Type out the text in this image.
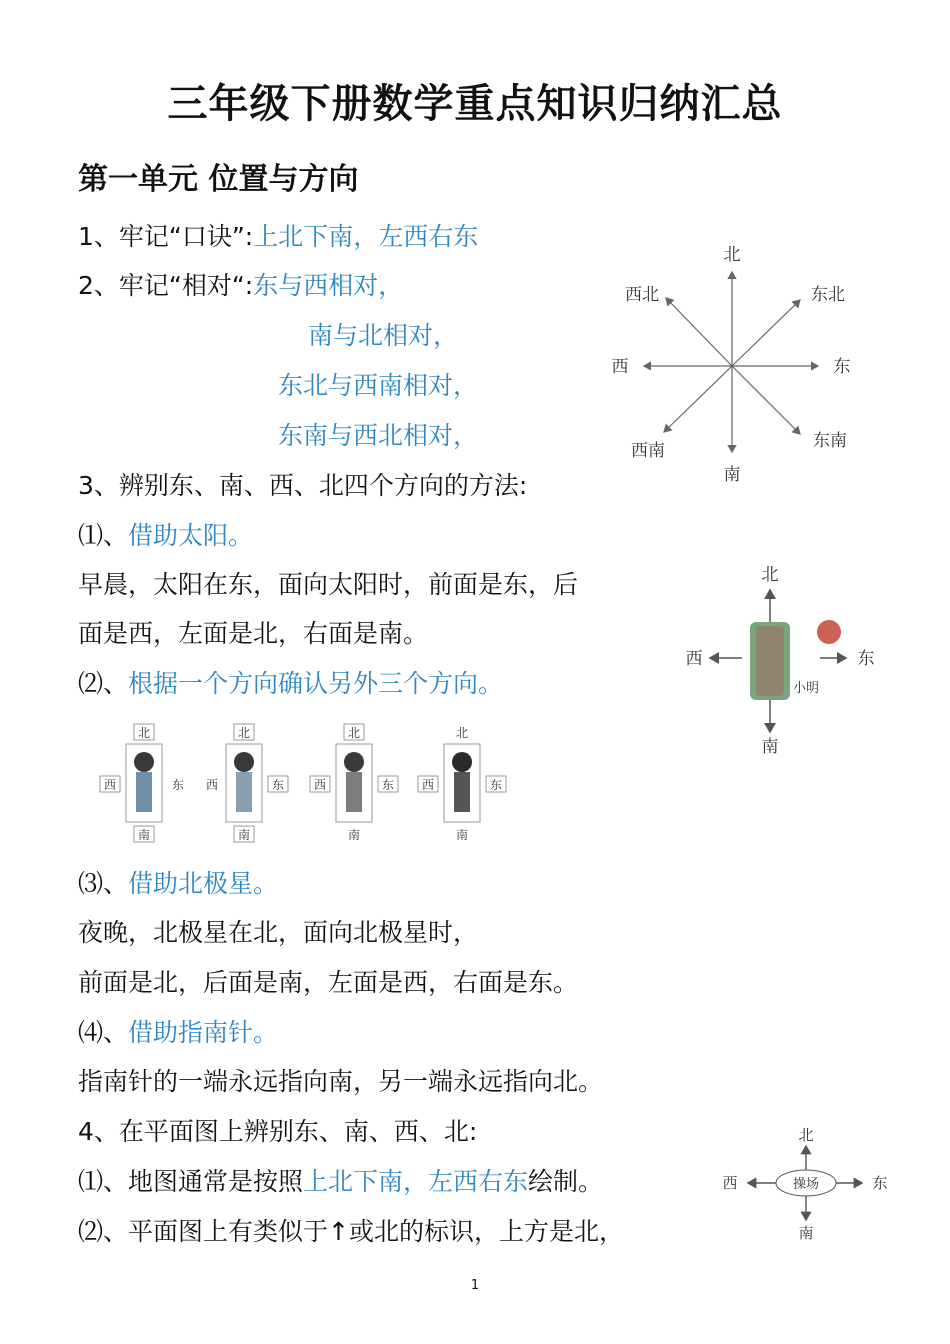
三年级下册数学重点知识归纳汇总
第一单元 位置与方向
1、牢记“口诀”:上北下南，左西右东
2、牢记“相对“:东与西相对，
南与北相对，
东北与西南相对，
东南与西北相对，
3、辨别东、南、西、北四个方向的方法:
⑴、借助太阳。
早晨，太阳在东，面向太阳时，前面是东，后
面是西，左面是北，右面是南。
⑵、根据一个方向确认另外三个方向。
⑶、借助北极星。
夜晚，北极星在北，面向北极星时，
前面是北，后面是南，左面是西，右面是东。
⑷、借助指南针。
指南针的一端永远指向南，另一端永远指向北。
4、在平面图上辨别东、南、西、北:
⑴、地图通常是按照上北下南，左西右东绘制。
⑵、平面图上有类似于↑或北的标识，上方是北，
北
南
东
西
东北
西北
东南
西南
北
南
东
西
小明
北
西	东
南
北
西	东
南
北
西	东
南
北
西	东
南
操场
北
南
东
西
1
